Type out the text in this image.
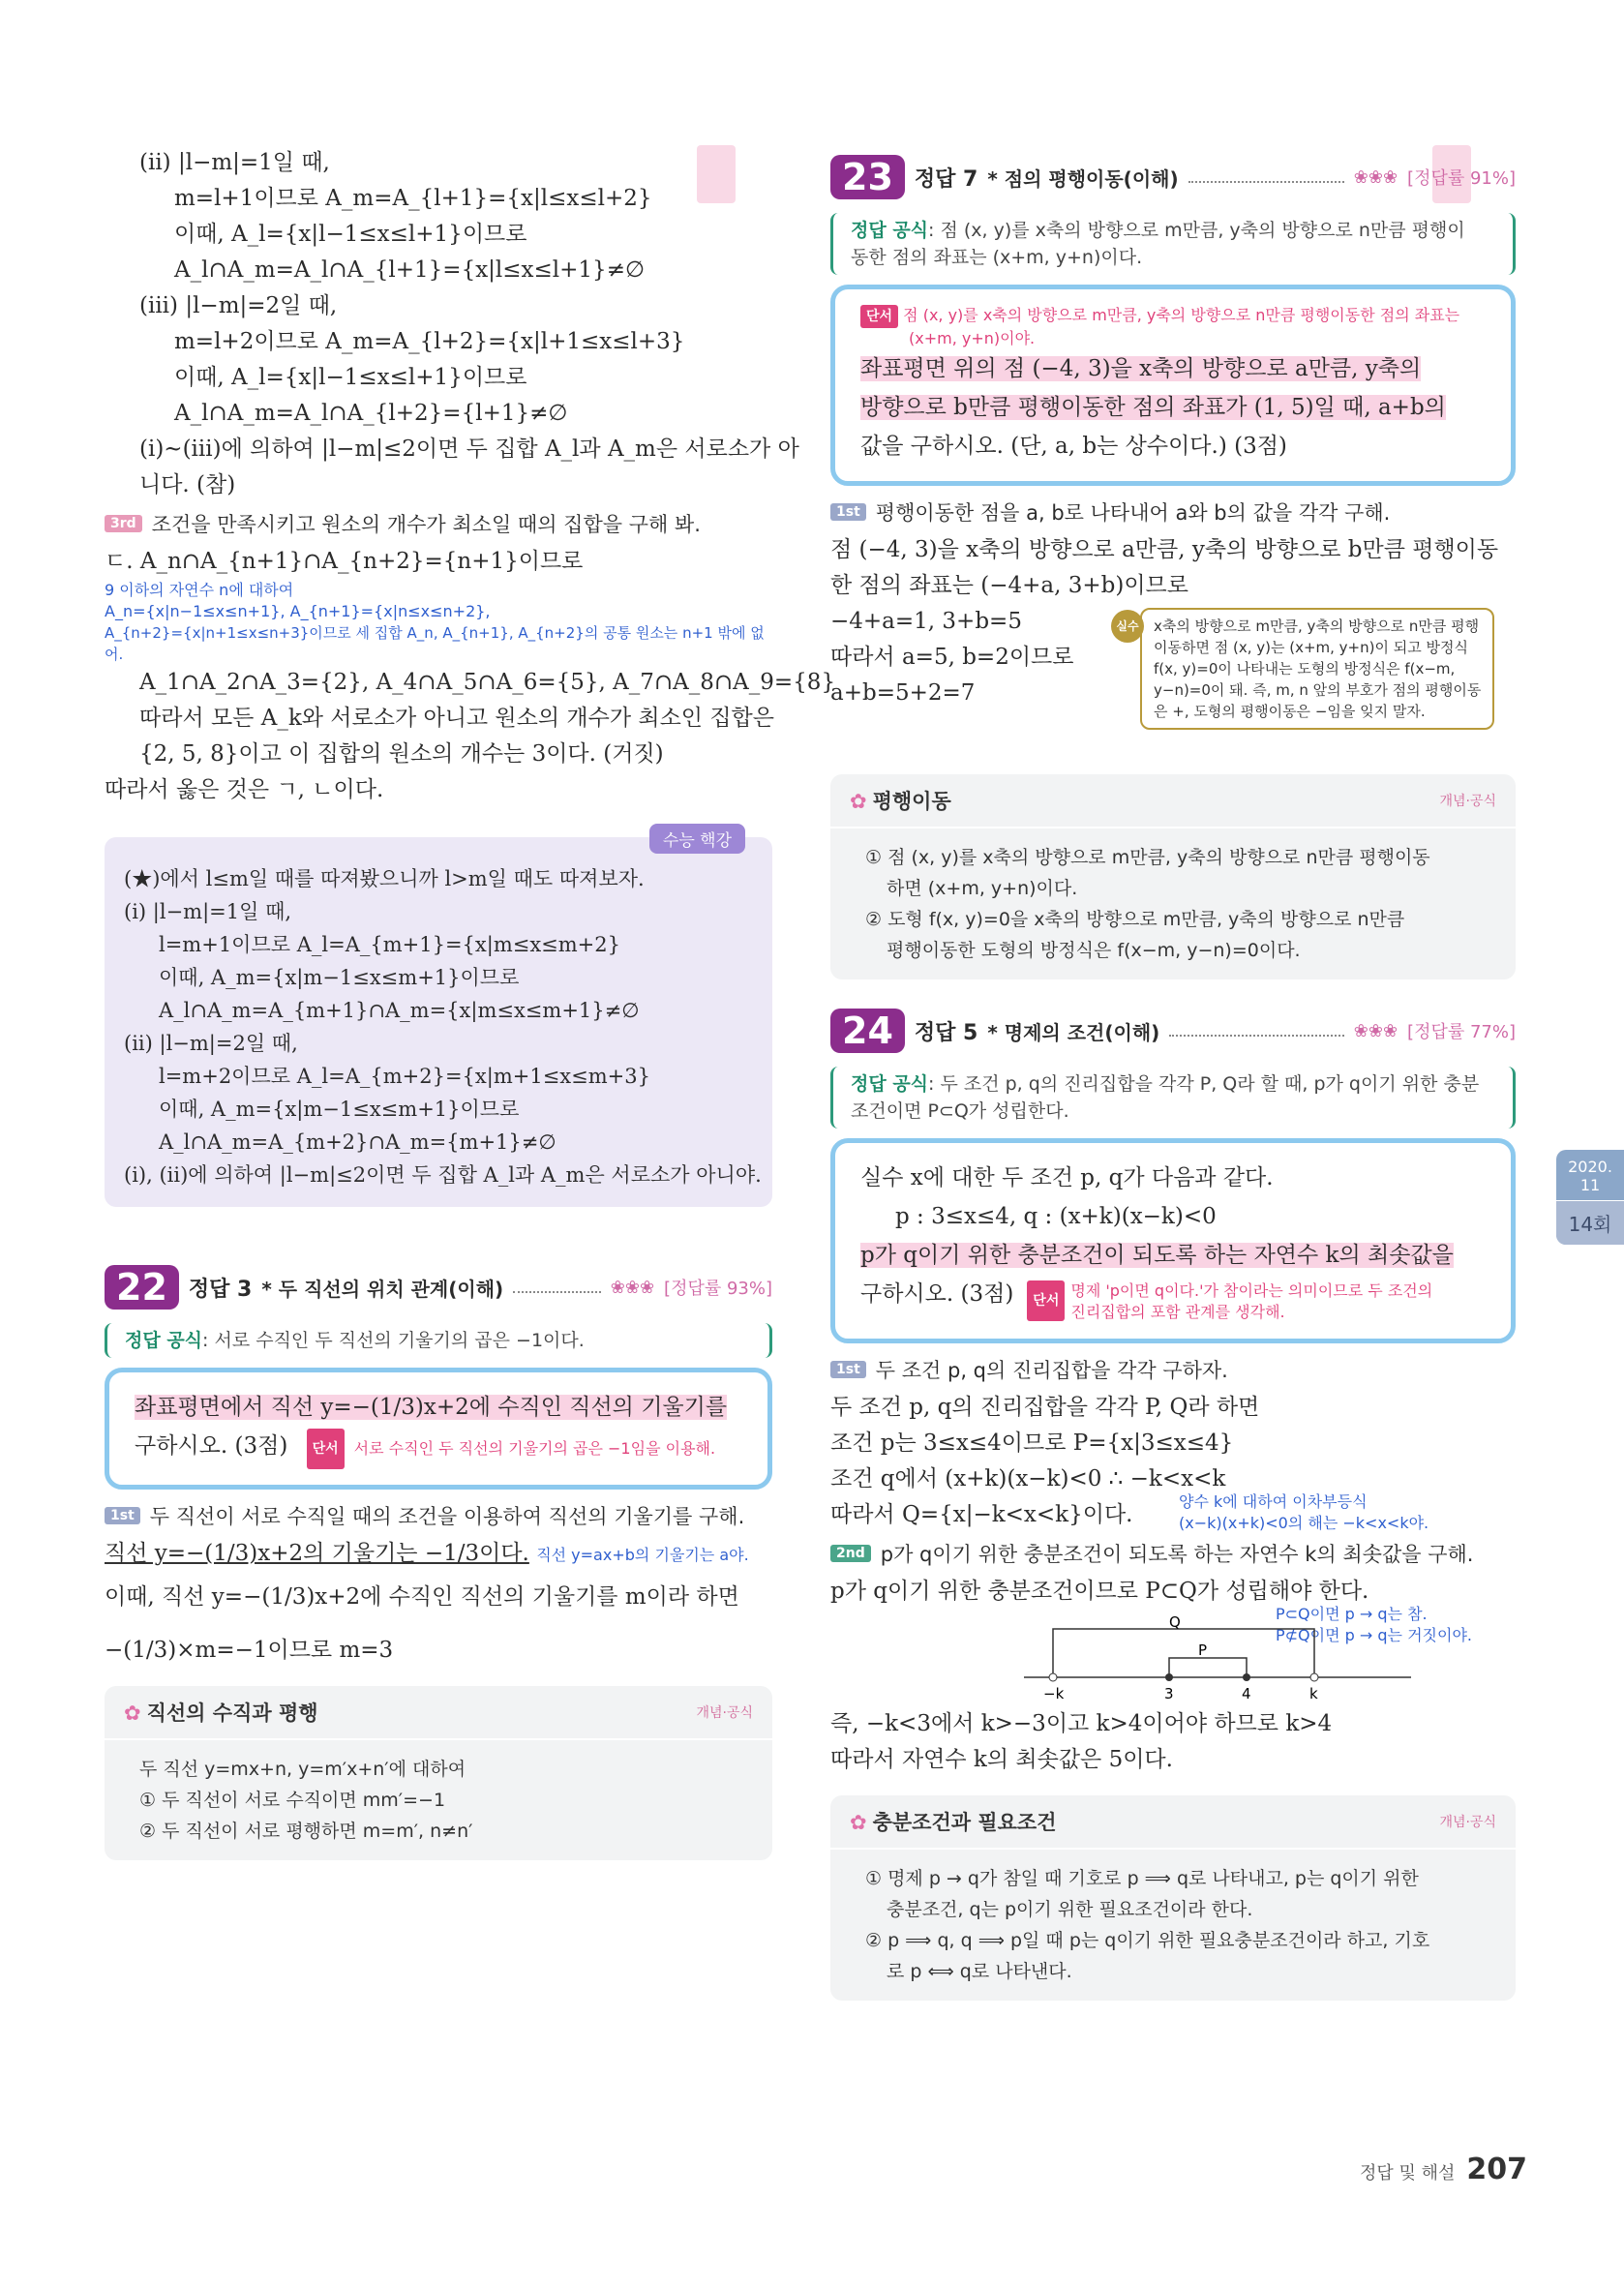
(ii) |l−m|=1일 때,
m=l+1이므로 A_m=A_{l+1}={x|l≤x≤l+2}
이때, A_l={x|l−1≤x≤l+1}이므로
A_l∩A_m=A_l∩A_{l+1}={x|l≤x≤l+1}≠∅
(iii) |l−m|=2일 때,
m=l+2이므로 A_m=A_{l+2}={x|l+1≤x≤l+3}
이때, A_l={x|l−1≤x≤l+1}이므로
A_l∩A_m=A_l∩A_{l+2}={l+1}≠∅
(i)~(iii)에 의하여 |l−m|≤2이면 두 집합 A_l과 A_m은 서로소가 아
니다. (참)
3rd 조건을 만족시키고 원소의 개수가 최소일 때의 집합을 구해 봐.
ㄷ. A_n∩A_{n+1}∩A_{n+2}={n+1}이므로
9 이하의 자연수 n에 대하여
A_n={x|n−1≤x≤n+1}, A_{n+1}={x|n≤x≤n+2},
A_{n+2}={x|n+1≤x≤n+3}이므로 세 집합 A_n, A_{n+1}, A_{n+2}의 공통 원소는 n+1 밖에 없어.
A_1∩A_2∩A_3={2}, A_4∩A_5∩A_6={5}, A_7∩A_8∩A_9={8}
따라서 모든 A_k와 서로소가 아니고 원소의 개수가 최소인 집합은
{2, 5, 8}이고 이 집합의 원소의 개수는 3이다. (거짓)
따라서 옳은 것은 ㄱ, ㄴ이다.
수능 핵강
(★)에서 l≤m일 때를 따져봤으니까 l>m일 때도 따져보자.
(i) |l−m|=1일 때,
l=m+1이므로 A_l=A_{m+1}={x|m≤x≤m+2}
이때, A_m={x|m−1≤x≤m+1}이므로
A_l∩A_m=A_{m+1}∩A_m={x|m≤x≤m+1}≠∅
(ii) |l−m|=2일 때,
l=m+2이므로 A_l=A_{m+2}={x|m+1≤x≤m+3}
이때, A_m={x|m−1≤x≤m+1}이므로
A_l∩A_m=A_{m+2}∩A_m={m+1}≠∅
(i), (ii)에 의하여 |l−m|≤2이면 두 집합 A_l과 A_m은 서로소가 아니야.
22	정답 3 * 두 직선의 위치 관계(이해)	❀❀❀ [정답률 93%]
정답 공식: 서로 수직인 두 직선의 기울기의 곱은 −1이다.
좌표평면에서 직선 y=−(1/3)x+2에 수직인 직선의 기울기를
구하시오. (3점)	단서	서로 수직인 두 직선의 기울기의 곱은 −1임을 이용해.
1st 두 직선이 서로 수직일 때의 조건을 이용하여 직선의 기울기를 구해.
직선 y=−(1/3)x+2의 기울기는 −1/3이다. 직선 y=ax+b의 기울기는 a야.
이때, 직선 y=−(1/3)x+2에 수직인 직선의 기울기를 m이라 하면
−(1/3)×m=−1이므로 m=3
✿ 직선의 수직과 평행	개념·공식
두 직선 y=mx+n, y=m′x+n′에 대하여
① 두 직선이 서로 수직이면 mm′=−1
② 두 직선이 서로 평행하면 m=m′, n≠n′
23	정답 7 * 점의 평행이동(이해)	❀❀❀ [정답률 91%]
정답 공식: 점 (x, y)를 x축의 방향으로 m만큼, y축의 방향으로 n만큼 평행이
동한 점의 좌표는 (x+m, y+n)이다.
단서 점 (x, y)를 x축의 방향으로 m만큼, y축의 방향으로 n만큼 평행이동한 점의 좌표는
(x+m, y+n)이야.
좌표평면 위의 점 (−4, 3)을 x축의 방향으로 a만큼, y축의
방향으로 b만큼 평행이동한 점의 좌표가 (1, 5)일 때, a+b의
값을 구하시오. (단, a, b는 상수이다.) (3점)
1st 평행이동한 점을 a, b로 나타내어 a와 b의 값을 각각 구해.
점 (−4, 3)을 x축의 방향으로 a만큼, y축의 방향으로 b만큼 평행이동
한 점의 좌표는 (−4+a, 3+b)이므로
−4+a=1, 3+b=5
따라서 a=5, b=2이므로
a+b=5+2=7
실수	x축의 방향으로 m만큼, y축의 방향으로 n만큼 평행이동하면 점 (x, y)는 (x+m, y+n)이 되고 방정식 f(x, y)=0이 나타내는 도형의 방정식은 f(x−m, y−n)=0이 돼. 즉, m, n 앞의 부호가 점의 평행이동은 +, 도형의 평행이동은 −임을 잊지 말자.
✿ 평행이동	개념·공식
① 점 (x, y)를 x축의 방향으로 m만큼, y축의 방향으로 n만큼 평행이동
하면 (x+m, y+n)이다.
② 도형 f(x, y)=0을 x축의 방향으로 m만큼, y축의 방향으로 n만큼
평행이동한 도형의 방정식은 f(x−m, y−n)=0이다.
24	정답 5 * 명제의 조건(이해)	❀❀❀ [정답률 77%]
정답 공식: 두 조건 p, q의 진리집합을 각각 P, Q라 할 때, p가 q이기 위한 충분
조건이면 P⊂Q가 성립한다.
실수 x에 대한 두 조건 p, q가 다음과 같다.
p : 3≤x≤4, q : (x+k)(x−k)<0
p가 q이기 위한 충분조건이 되도록 하는 자연수 k의 최솟값을
구하시오. (3점)	단서
명제 'p이면 q이다.'가 참이라는 의미이므로 두 조건의
진리집합의 포함 관계를 생각해.
1st 두 조건 p, q의 진리집합을 각각 구하자.
두 조건 p, q의 진리집합을 각각 P, Q라 하면
조건 p는 3≤x≤4이므로 P={x|3≤x≤4}
조건 q에서 (x+k)(x−k)<0 ∴ −k<x<k
따라서 Q={x|−k<x<k}이다.
양수 k에 대하여 이차부등식
(x−k)(x+k)<0의 해는 −k<x<k야.
2nd p가 q이기 위한 충분조건이 되도록 하는 자연수 k의 최솟값을 구해.
p가 q이기 위한 충분조건이므로 P⊂Q가 성립해야 한다.
P⊂Q이면 p → q는 참.
P⊄Q이면 p → q는 거짓이야.
Q
P
−k	3	4	k
즉, −k<3에서 k>−3이고 k>4이어야 하므로 k>4
따라서 자연수 k의 최솟값은 5이다.
✿ 충분조건과 필요조건	개념·공식
① 명제 p → q가 참일 때 기호로 p ⟹ q로 나타내고, p는 q이기 위한
충분조건, q는 p이기 위한 필요조건이라 한다.
② p ⟹ q, q ⟹ p일 때 p는 q이기 위한 필요충분조건이라 하고, 기호
로 p ⟺ q로 나타낸다.
2020. 11
14회
정답 및 해설 207
